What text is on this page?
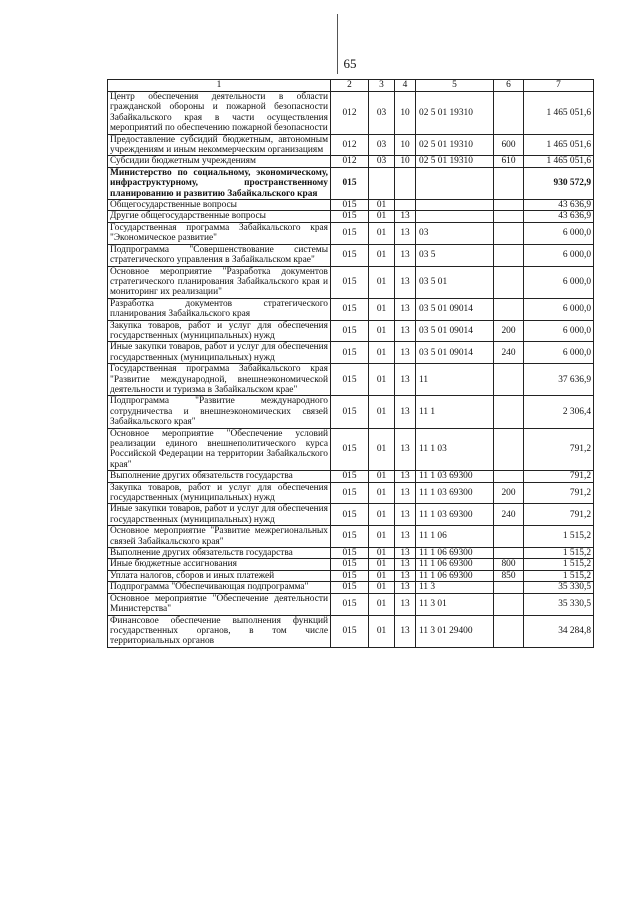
65
1	2	3	4	5	6	7
Центр обеспечения деятельности в области гражданской обороны и пожарной безопасности Забайкальского края в части осуществления мероприятий по обеспечению пожарной безопасности	012	03	10	02 5 01 19310		1 465 051,6
Предоставление субсидий бюджетным, автономным учреждениям и иным некоммерческим организациям	012	03	10	02 5 01 19310	600	1 465 051,6
Субсидии бюджетным учреждениям	012	03	10	02 5 01 19310	610	1 465 051,6
Министерство по социальному, экономическому, инфраструктурному, пространственному планированию и развитию Забайкальского края	015					930 572,9
Общегосударственные вопросы	015	01				43 636,9
Другие общегосударственные вопросы	015	01	13			43 636,9
Государственная программа Забайкальского края "Экономическое развитие"	015	01	13	03		6 000,0
Подпрограмма "Совершенствование системы стратегического управления в Забайкальском крае"	015	01	13	03 5		6 000,0
Основное мероприятие "Разработка документов стратегического планирования Забайкальского края и мониторинг их реализации"	015	01	13	03 5 01		6 000,0
Разработка документов стратегического планирования Забайкальского края	015	01	13	03 5 01 09014		6 000,0
Закупка товаров, работ и услуг для обеспечения государственных (муниципальных) нужд	015	01	13	03 5 01 09014	200	6 000,0
Иные закупки товаров, работ и услуг для обеспечения государственных (муниципальных) нужд	015	01	13	03 5 01 09014	240	6 000,0
Государственная программа Забайкальского края "Развитие международной, внешнеэкономической деятельности и туризма в Забайкальском крае"	015	01	13	11		37 636,9
Подпрограмма "Развитие международного сотрудничества и внешнеэкономических связей Забайкальского края"	015	01	13	11 1		2 306,4
Основное мероприятие "Обеспечение условий реализации единого внешнеполитического курса Российской Федерации на территории Забайкальского края"	015	01	13	11 1 03		791,2
Выполнение других обязательств государства	015	01	13	11 1 03 69300		791,2
Закупка товаров, работ и услуг для обеспечения государственных (муниципальных) нужд	015	01	13	11 1 03 69300	200	791,2
Иные закупки товаров, работ и услуг для обеспечения государственных (муниципальных) нужд	015	01	13	11 1 03 69300	240	791,2
Основное мероприятие "Развитие межрегиональных связей Забайкальского края"	015	01	13	11 1 06		1 515,2
Выполнение других обязательств государства	015	01	13	11 1 06 69300		1 515,2
Иные бюджетные ассигнования	015	01	13	11 1 06 69300	800	1 515,2
Уплата налогов, сборов и иных платежей	015	01	13	11 1 06 69300	850	1 515,2
Подпрограмма "Обеспечивающая подпрограмма"	015	01	13	11 3		35 330,5
Основное мероприятие "Обеспечение деятельности Министерства"	015	01	13	11 3 01		35 330,5
Финансовое обеспечение выполнения функций государственных органов, в том числе территориальных органов	015	01	13	11 3 01 29400		34 284,8
